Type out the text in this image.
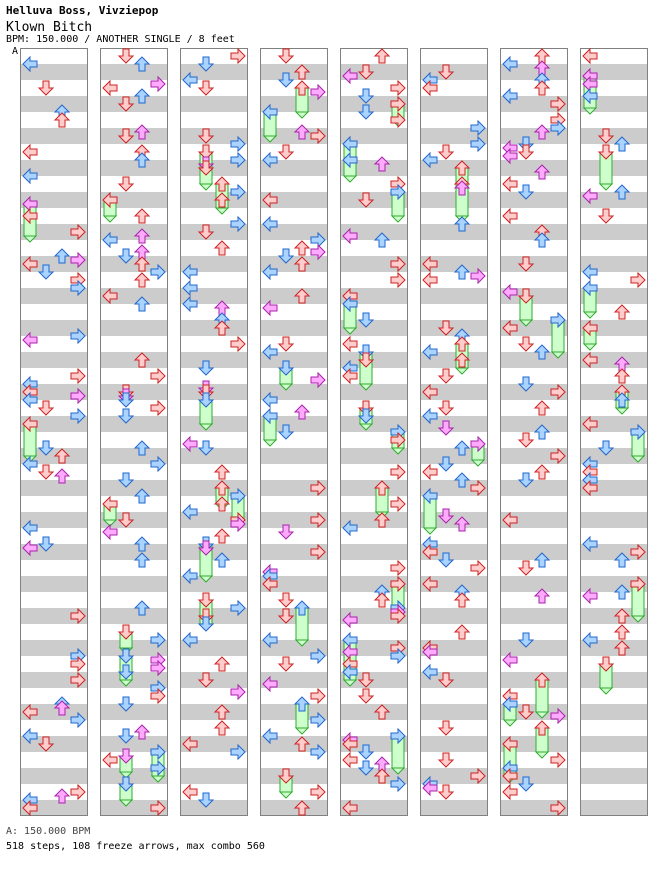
Helluva Boss, Vivziepop
Klown Bitch
BPM: 150.000 / ANOTHER SINGLE / 8 feet
A
A: 150.000 BPM
518 steps, 108 freeze arrows, max combo 560
